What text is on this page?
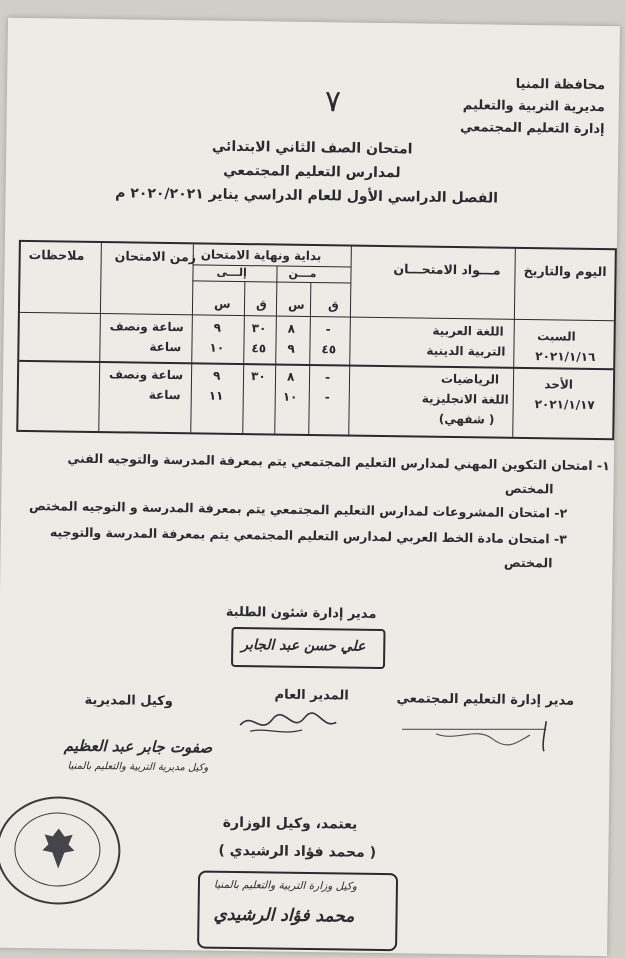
محافظة المنيا
مديرية التربية والتعليم
إدارة التعليم المجتمعي
٧
امتحان الصف الثاني الابتدائي
لمدارس التعليم المجتمعي
الفصل الدراسي الأول للعام الدراسي يناير ٢٠٢٠/٢٠٢١ م
اليوم والتاريخ
مـــواد الامتحـــان
بداية ونهاية الامتحان
مـــن
إلـــى
ق
س
ق
س
زمن الامتحان
ملاحظات
السبت
٢٠٢١/١/١٦
اللغة العربية
التربية الدينية
-
٤٥
٨
٩
٣٠
٤٥
٩
١٠
ساعة ونصف
ساعة
الأحد
٢٠٢١/١/١٧
الرياضيات
اللغة الانجليزية
( شفهي)
-
-
٨
١٠
٣٠
٩
١١
ساعة ونصف
ساعة
١- امتحان التكوين المهني لمدارس التعليم المجتمعي يتم بمعرفة المدرسة والتوجيه الفني
المختص
٢- امتحان المشروعات لمدارس التعليم المجتمعي يتم بمعرفة المدرسة و التوجيه المختص
٣- امتحان مادة الخط العربي لمدارس التعليم المجتمعي يتم بمعرفة المدرسة والتوجيه
المختص
مدير إدارة شئون الطلبة
علي حسن عبد الجابر
مدير إدارة التعليم المجتمعي
المدير العام
وكيل المديرية
صفوت جابر عبد العظيم
وكيل مديرية التربية والتعليم بالمنيا
يعتمد، وكيل الوزارة
( محمد فؤاد الرشيدي )
وكيل وزارة التربية والتعليم بالمنيا
محمد فؤاد الرشيدي
